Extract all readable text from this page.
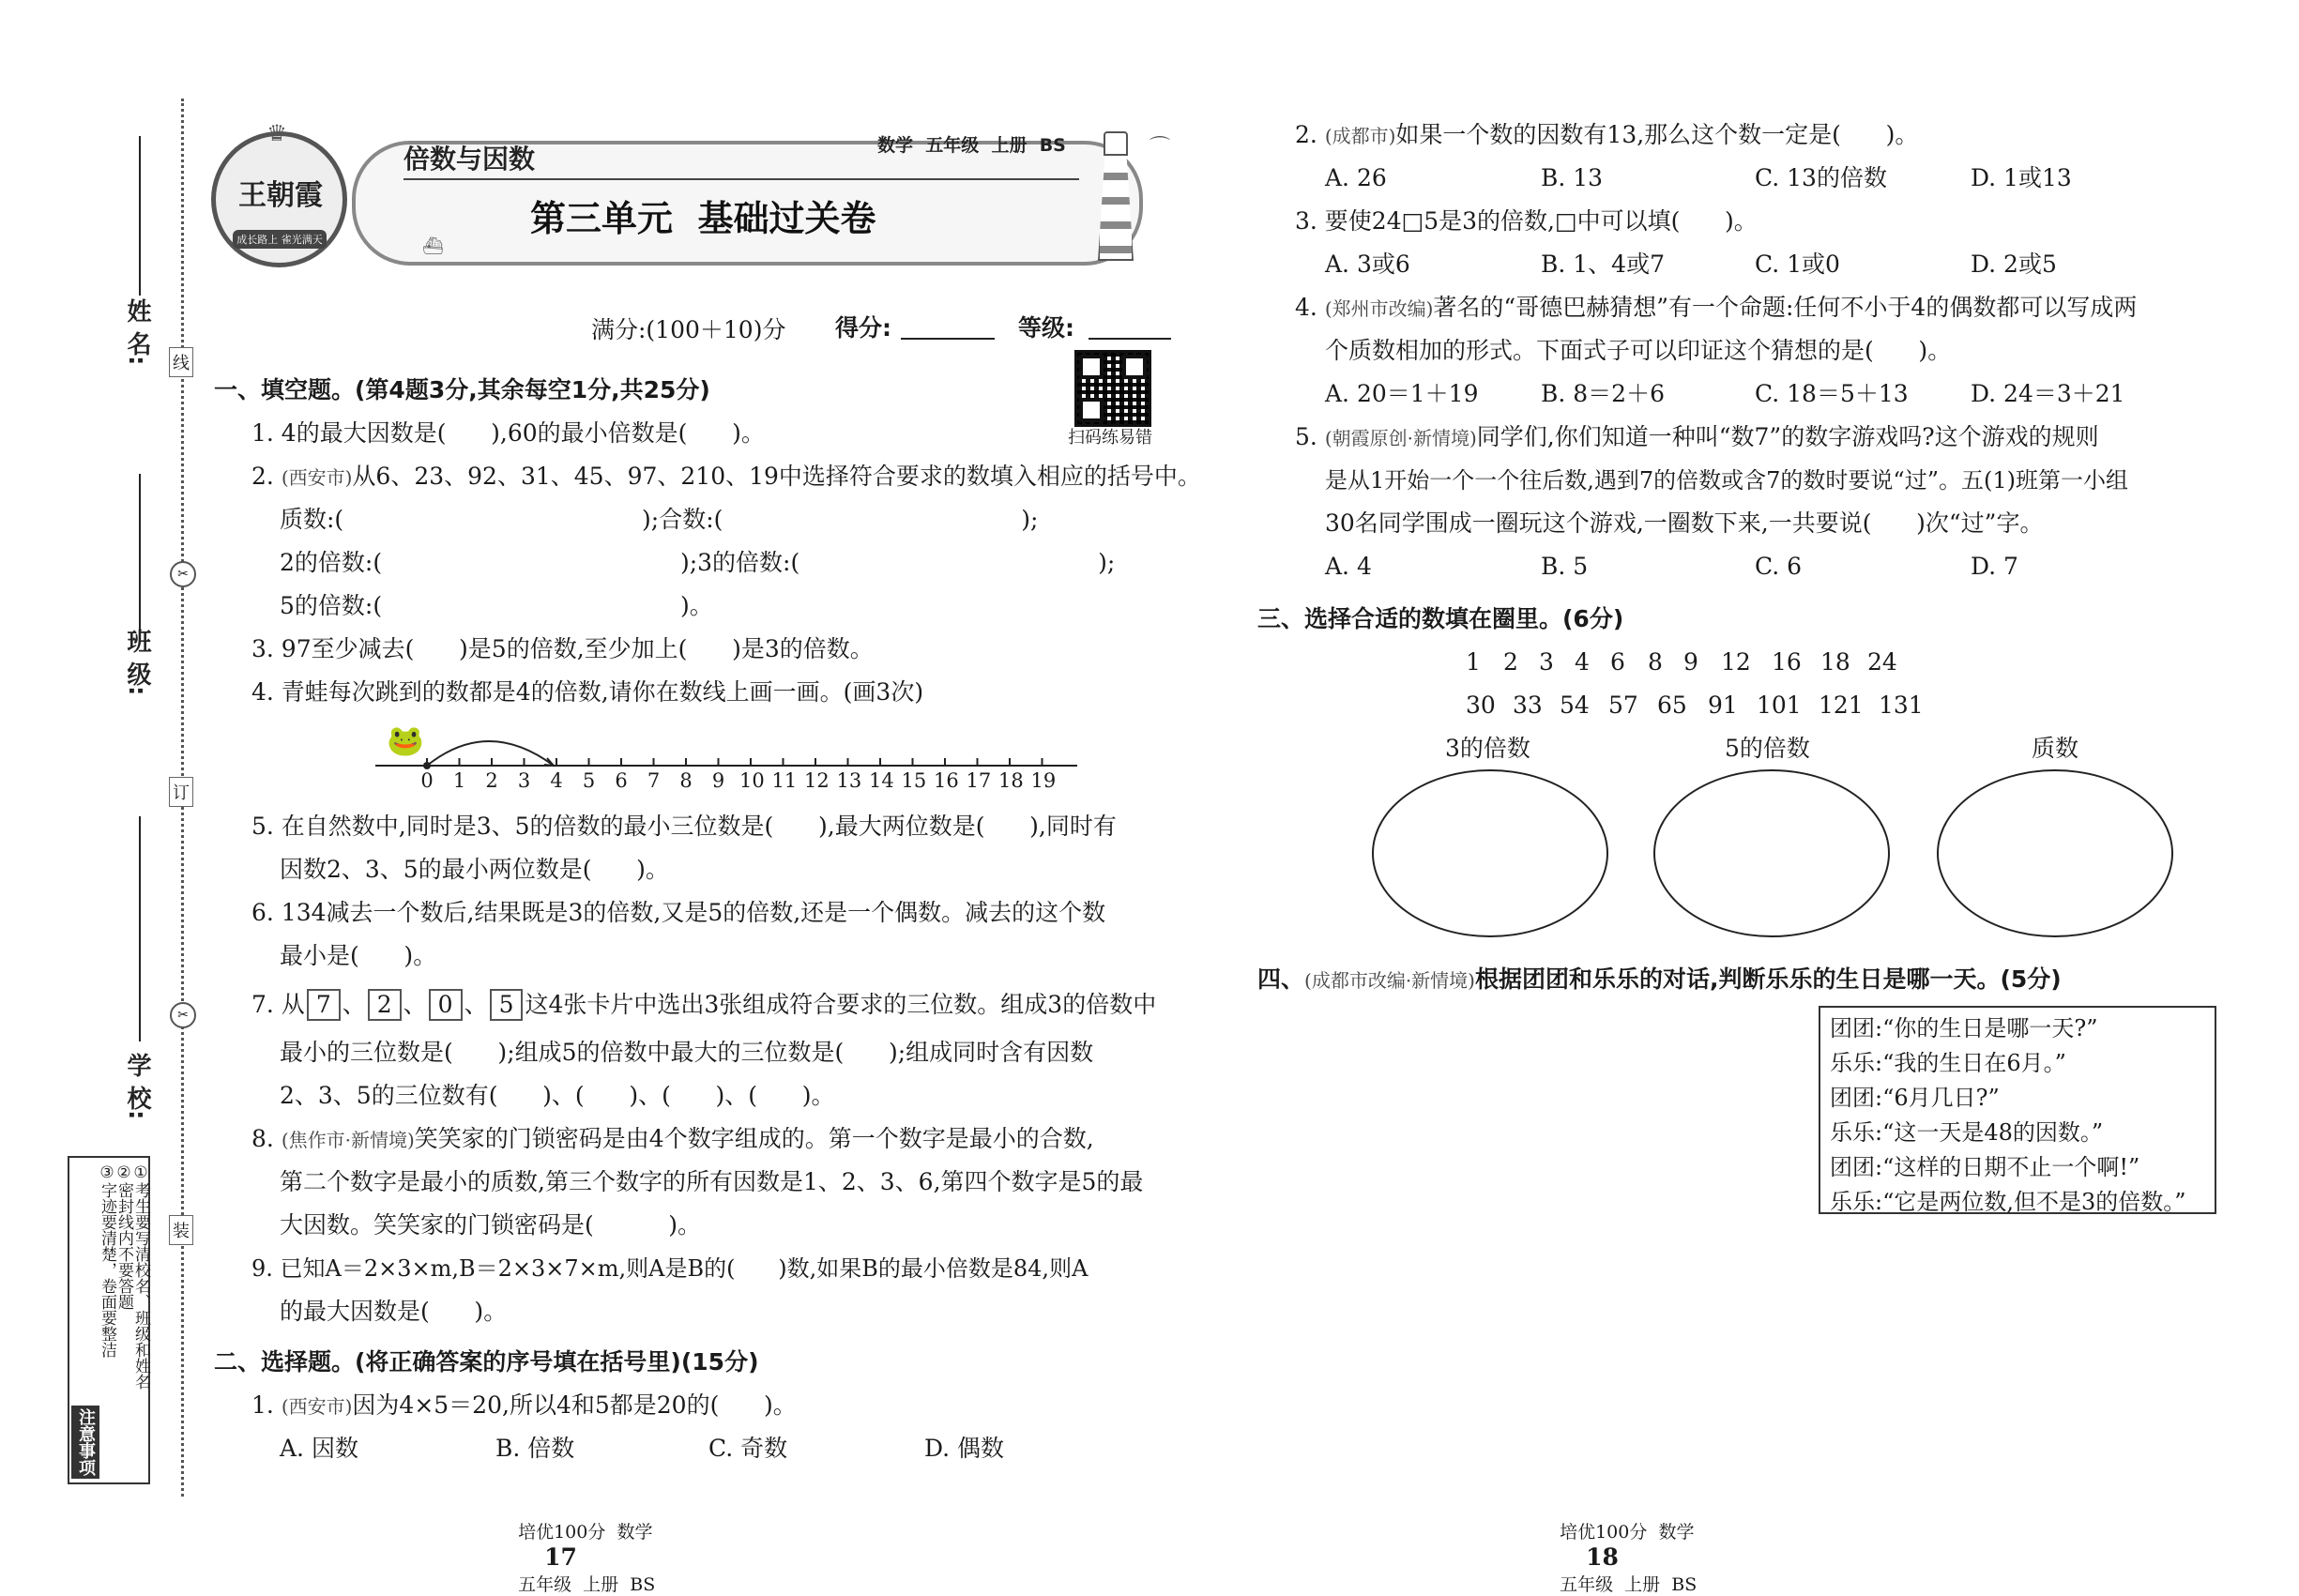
姓 名:
班 级:
学 校:
线
✂
订
✂
装
注意事项
③字迹要清楚，卷面要整洁
②密封线内不要答题
①考生要写清校名、班级和姓名
♛
王朝霞
成长路上 雀光满天
倍数与因数	数学  五年级  上册  BS
第三单元  基础过关卷
⛴
⌒
满分:(100＋10)分 得分:	等级:
扫码练易错
一、填空题。(第4题3分,其余每空1分,共25分)
1. 4的最大因数是(      ),60的最小倍数是(      )。
2. (西安市)从6、23、92、31、45、97、210、19中选择符合要求的数填入相应的括号中。
质数:(                                        );合数:(                                        );
2的倍数:(                                        );3的倍数:(                                        );
5的倍数:(                                        )。
3. 97至少减去(      )是5的倍数,至少加上(      )是3的倍数。
4. 青蛙每次跳到的数都是4的倍数,请你在数线上画一画。(画3次)
🐸
0 1 2 3 4 5 6 7 8 9 10 11 12 13 14 15 16 17 18 19
5. 在自然数中,同时是3、5的倍数的最小三位数是(      ),最大两位数是(      ),同时有
因数2、3、5的最小两位数是(      )。
6. 134减去一个数后,结果既是3的倍数,又是5的倍数,还是一个偶数。减去的这个数
最小是(      )。
7. 从 7 、 2 、 0 、 5 这4张卡片中选出3张组成符合要求的三位数。组成3的倍数中
最小的三位数是(      );组成5的倍数中最大的三位数是(      );组成同时含有因数
2、3、5的三位数有(      )、(      )、(      )、(      )。
8. (焦作市·新情境)笑笑家的门锁密码是由4个数字组成的。第一个数字是最小的合数,
第二个数字是最小的质数,第三个数字的所有因数是1、2、3、6,第四个数字是5的最
大因数。笑笑家的门锁密码是(          )。
9. 已知A＝2×3×m,B＝2×3×7×m,则A是B的(      )数,如果B的最小倍数是84,则A
的最大因数是(      )。
二、选择题。(将正确答案的序号填在括号里)(15分)
1. (西安市)因为4×5＝20,所以4和5都是20的(      )。
A. 因数	B. 倍数	C. 奇数	D. 偶数

培优100分  数学
17
五年级  上册  BS

2. (成都市)如果一个数的因数有13,那么这个数一定是(      )。
A. 26	B. 13	C. 13的倍数	D. 1或13
3. 要使24□5是3的倍数,□中可以填(      )。
A. 3或6	B. 1、4或7	C. 1或0	D. 2或5
4. (郑州市改编)著名的“哥德巴赫猜想”有一个命题:任何不小于4的偶数都可以写成两
个质数相加的形式。下面式子可以印证这个猜想的是(      )。
A. 20＝1＋19	B. 8＝2＋6	C. 18＝5＋13	D. 24＝3＋21
5. (朝霞原创·新情境)同学们,你们知道一种叫“数7”的数字游戏吗?这个游戏的规则
是从1开始一个一个往后数,遇到7的倍数或含7的数时要说“过”。五(1)班第一小组
30名同学围成一圈玩这个游戏,一圈数下来,一共要说(      )次“过”字。
A. 4	B. 5	C. 6	D. 7
三、选择合适的数填在圈里。(6分)
1 2 3 4 6 8 9 12 16 18 24
30 33 54 57 65 91 101 121 131
3的倍数	5的倍数	质数
四、(成都市改编·新情境)根据团团和乐乐的对话,判断乐乐的生日是哪一天。(5分)
团团:“你的生日是哪一天?”
乐乐:“我的生日在6月。”
团团:“6月几日?”
乐乐:“这一天是48的因数。”
团团:“这样的日期不止一个啊!”
乐乐:“它是两位数,但不是3的倍数。”

培优100分  数学
18
五年级  上册  BS
